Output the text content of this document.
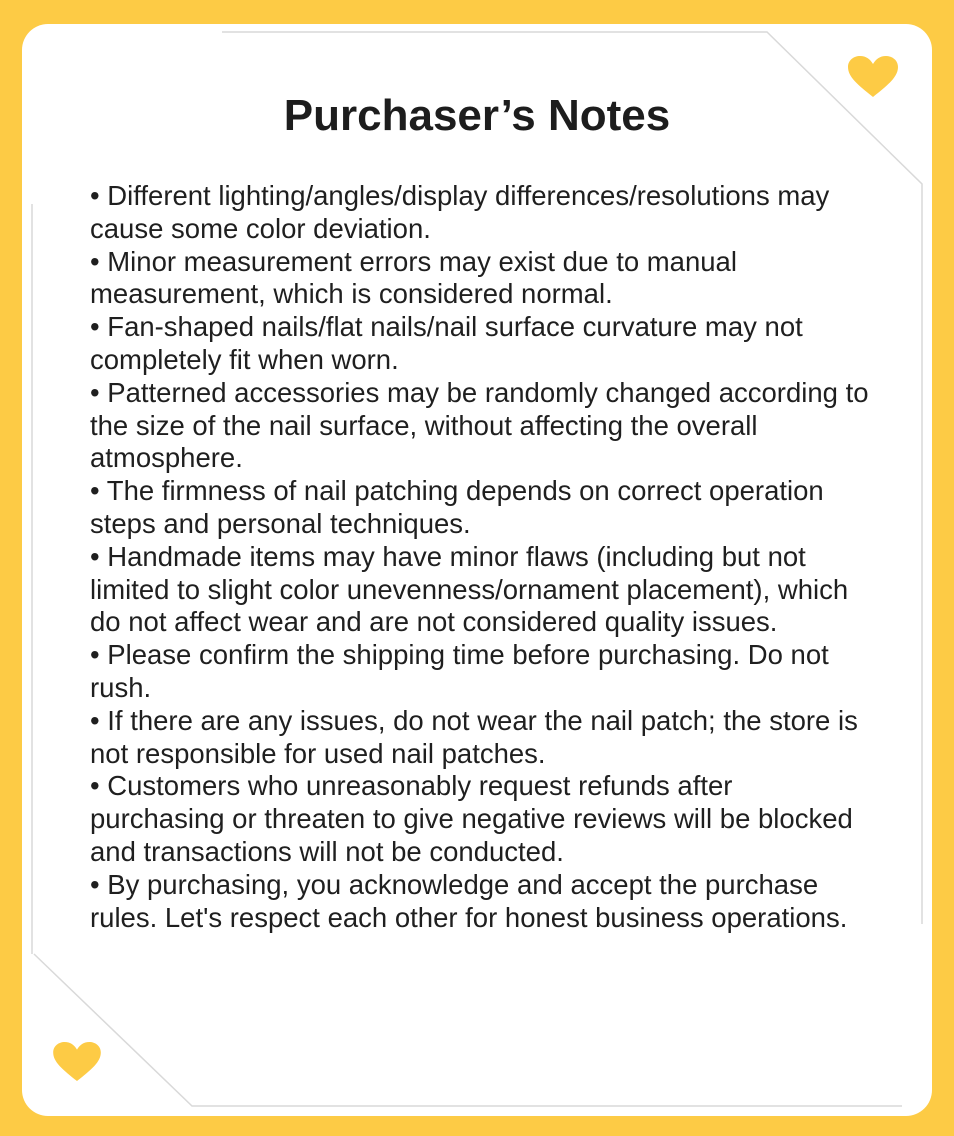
Purchaser’s Notes
• Different lighting/angles/display differences/resolutions may cause some color deviation.
• Minor measurement errors may exist due to manual measurement, which is considered normal.
• Fan-shaped nails/flat nails/nail surface curvature may not completely fit when worn.
• Patterned accessories may be randomly changed according to the size of the nail surface, without affecting the overall atmosphere.
• The firmness of nail patching depends on correct operation steps and personal techniques.
• Handmade items may have minor flaws (including but not limited to slight color unevenness/ornament placement), which do not affect wear and are not considered quality issues.
• Please confirm the shipping time before purchasing. Do not rush.
• If there are any issues, do not wear the nail patch; the store is not responsible for used nail patches.
• Customers who unreasonably request refunds after purchasing or threaten to give negative reviews will be blocked and transactions will not be conducted.
• By purchasing, you acknowledge and accept the purchase rules. Let's respect each other for honest business operations.
